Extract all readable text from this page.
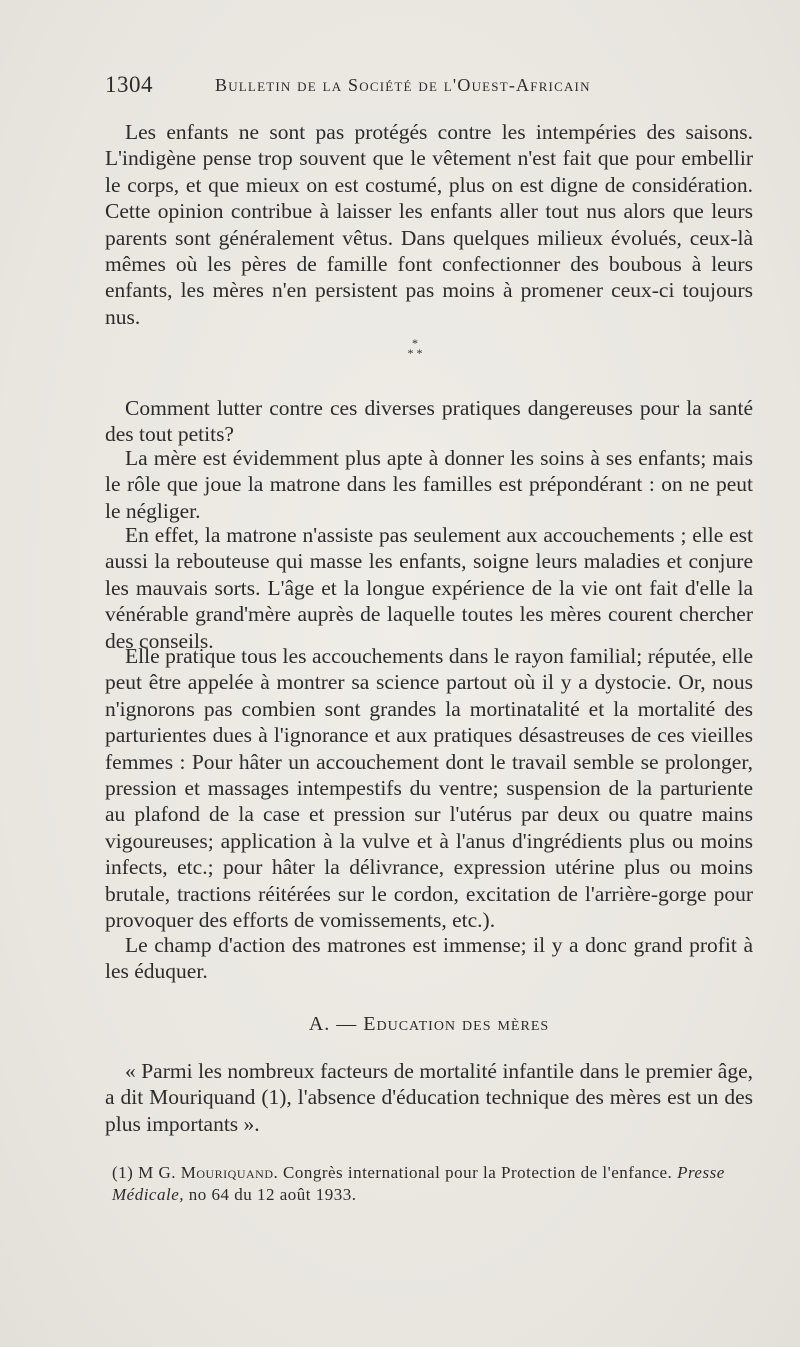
1304	Bulletin de la Société de l'Ouest-Africain

Les enfants ne sont pas protégés contre les intempéries des saisons. L'indigène pense trop souvent que le vêtement n'est fait que pour embellir le corps, et que mieux on est costumé, plus on est digne de considération. Cette opinion contribue à laisser les enfants aller tout nus alors que leurs parents sont généralement vêtus. Dans quelques milieux évolués, ceux-là mêmes où les pères de famille font confectionner des boubous à leurs enfants, les mères n'en persistent pas moins à promener ceux-ci toujours nus.

*
* *

Comment lutter contre ces diverses pratiques dangereuses pour la santé des tout petits?

La mère est évidemment plus apte à donner les soins à ses enfants; mais le rôle que joue la matrone dans les familles est prépondérant : on ne peut le négliger.

En effet, la matrone n'assiste pas seulement aux accouchements ; elle est aussi la rebouteuse qui masse les enfants, soigne leurs maladies et conjure les mauvais sorts. L'âge et la longue expérience de la vie ont fait d'elle la vénérable grand'mère auprès de laquelle toutes les mères courent chercher des conseils.

Elle pratique tous les accouchements dans le rayon familial; réputée, elle peut être appelée à montrer sa science partout où il y a dystocie. Or, nous n'ignorons pas combien sont grandes la mortinatalité et la mortalité des parturientes dues à l'ignorance et aux pratiques désastreuses de ces vieilles femmes : Pour hâter un accouchement dont le travail semble se prolonger, pression et massages intempestifs du ventre; suspension de la parturiente au plafond de la case et pression sur l'utérus par deux ou quatre mains vigoureuses; application à la vulve et à l'anus d'ingrédients plus ou moins infects, etc.; pour hâter la délivrance, expression utérine plus ou moins brutale, tractions réitérées sur le cordon, excitation de l'arrière-gorge pour provoquer des efforts de vomissements, etc.).

Le champ d'action des matrones est immense; il y a donc grand profit à les éduquer.

A. — Education des mères

« Parmi les nombreux facteurs de mortalité infantile dans le premier âge, a dit Mouriquand (1), l'absence d'éducation technique des mères est un des plus importants ».

(1) M G. Mouriquand. Congrès international pour la Protection de l'enfance. Presse Médicale, no 64 du 12 août 1933.
